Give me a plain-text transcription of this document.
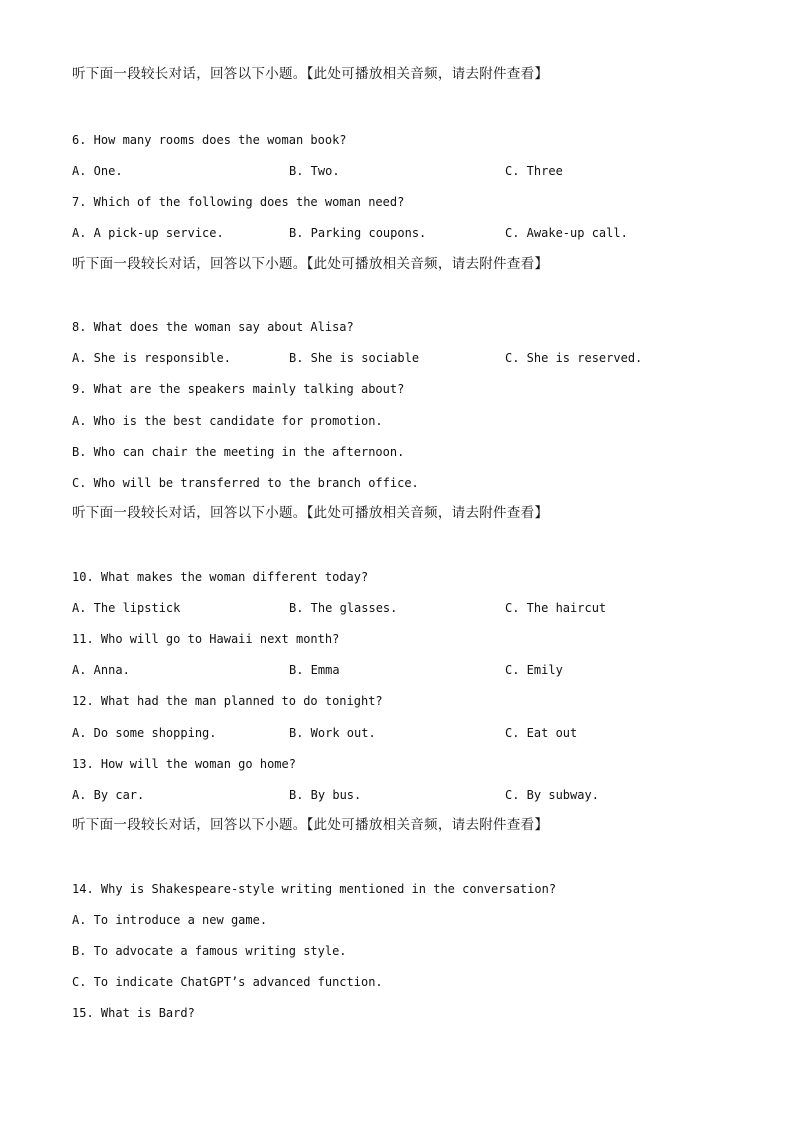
听下面一段较长对话，回答以下小题。【此处可播放相关音频，请去附件查看】
6. How many rooms does the woman book?
A. One.	B. Two.	C. Three
7. Which of the following does the woman need?
A. A pick-up service.	B. Parking coupons.	C. Awake-up call.
听下面一段较长对话，回答以下小题。【此处可播放相关音频，请去附件查看】
8. What does the woman say about Alisa?
A. She is responsible.	B. She is sociable	C. She is reserved.
9. What are the speakers mainly talking about?
A. Who is the best candidate for promotion.
B. Who can chair the meeting in the afternoon.
C. Who will be transferred to the branch office.
听下面一段较长对话，回答以下小题。【此处可播放相关音频，请去附件查看】
10. What makes the woman different today?
A. The lipstick	B. The glasses.	C. The haircut
11. Who will go to Hawaii next month?
A. Anna.	B. Emma	C. Emily
12. What had the man planned to do tonight?
A. Do some shopping.	B. Work out.	C. Eat out
13. How will the woman go home?
A. By car.	B. By bus.	C. By subway.
听下面一段较长对话，回答以下小题。【此处可播放相关音频，请去附件查看】
14. Why is Shakespeare-style writing mentioned in the conversation?
A. To introduce a new game.
B. To advocate a famous writing style.
C. To indicate ChatGPT’s advanced function.
15. What is Bard?
